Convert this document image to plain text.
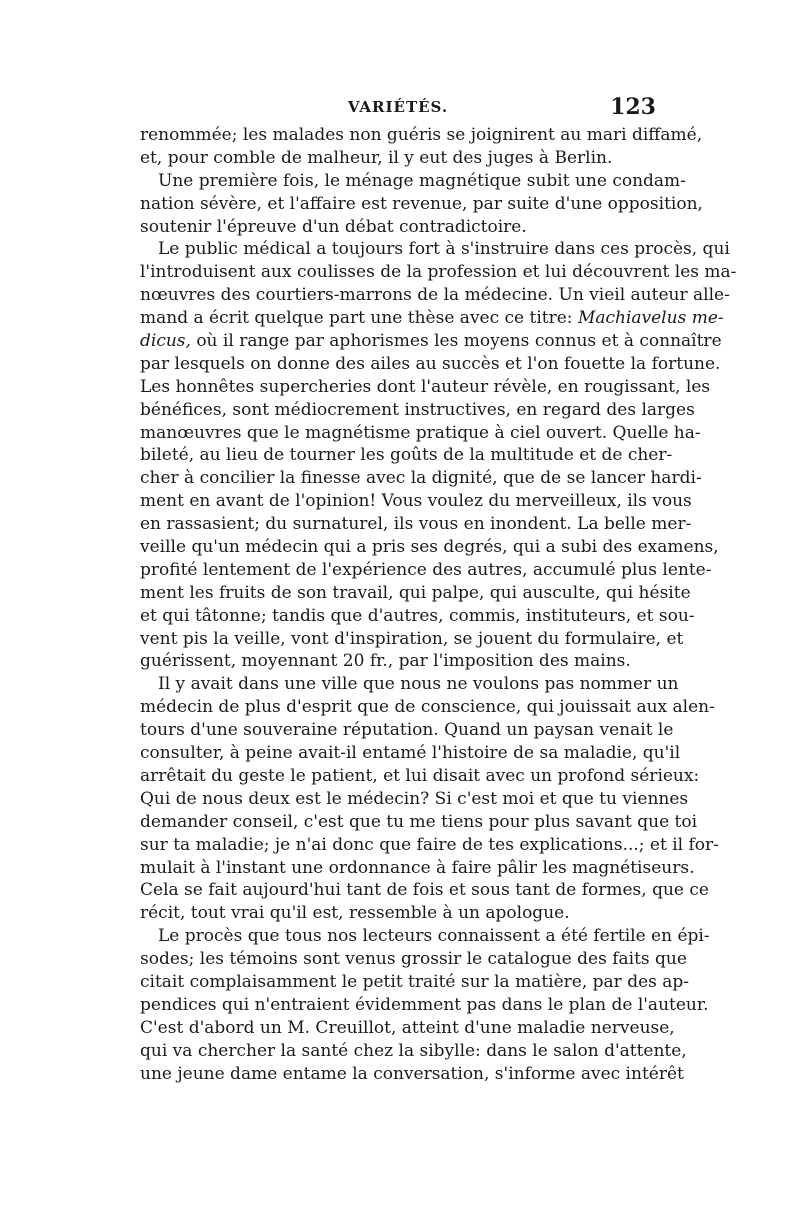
VARIÉTÉS.	123
renommée; les malades non guéris se joignirent au mari diffamé,
et, pour comble de malheur, il y eut des juges à Berlin.
Une première fois, le ménage magnétique subit une condam-
nation sévère, et l'affaire est revenue, par suite d'une opposition,
soutenir l'épreuve d'un débat contradictoire.
Le public médical a toujours fort à s'instruire dans ces procès, qui
l'introduisent aux coulisses de la profession et lui découvrent les ma-
nœuvres des courtiers-marrons de la médecine. Un vieil auteur alle-
mand a écrit quelque part une thèse avec ce titre: Machiavelus me-
dicus, où il range par aphorismes les moyens connus et à connaître
par lesquels on donne des ailes au succès et l'on fouette la fortune.
Les honnêtes supercheries dont l'auteur révèle, en rougissant, les
bénéfices, sont médiocrement instructives, en regard des larges
manœuvres que le magnétisme pratique à ciel ouvert. Quelle ha-
bileté, au lieu de tourner les goûts de la multitude et de cher-
cher à concilier la finesse avec la dignité, que de se lancer hardi-
ment en avant de l'opinion! Vous voulez du merveilleux, ils vous
en rassasient; du surnaturel, ils vous en inondent. La belle mer-
veille qu'un médecin qui a pris ses degrés, qui a subi des examens,
profité lentement de l'expérience des autres, accumulé plus lente-
ment les fruits de son travail, qui palpe, qui ausculte, qui hésite
et qui tâtonne; tandis que d'autres, commis, instituteurs, et sou-
vent pis la veille, vont d'inspiration, se jouent du formulaire, et
guérissent, moyennant 20 fr., par l'imposition des mains.
Il y avait dans une ville que nous ne voulons pas nommer un
médecin de plus d'esprit que de conscience, qui jouissait aux alen-
tours d'une souveraine réputation. Quand un paysan venait le
consulter, à peine avait-il entamé l'histoire de sa maladie, qu'il
arrêtait du geste le patient, et lui disait avec un profond sérieux:
Qui de nous deux est le médecin? Si c'est moi et que tu viennes
demander conseil, c'est que tu me tiens pour plus savant que toi
sur ta maladie; je n'ai donc que faire de tes explications...; et il for-
mulait à l'instant une ordonnance à faire pâlir les magnétiseurs.
Cela se fait aujourd'hui tant de fois et sous tant de formes, que ce
récit, tout vrai qu'il est, ressemble à un apologue.
Le procès que tous nos lecteurs connaissent a été fertile en épi-
sodes; les témoins sont venus grossir le catalogue des faits que
citait complaisamment le petit traité sur la matière, par des ap-
pendices qui n'entraient évidemment pas dans le plan de l'auteur.
C'est d'abord un M. Creuillot, atteint d'une maladie nerveuse,
qui va chercher la santé chez la sibylle: dans le salon d'attente,
une jeune dame entame la conversation, s'informe avec intérêt
